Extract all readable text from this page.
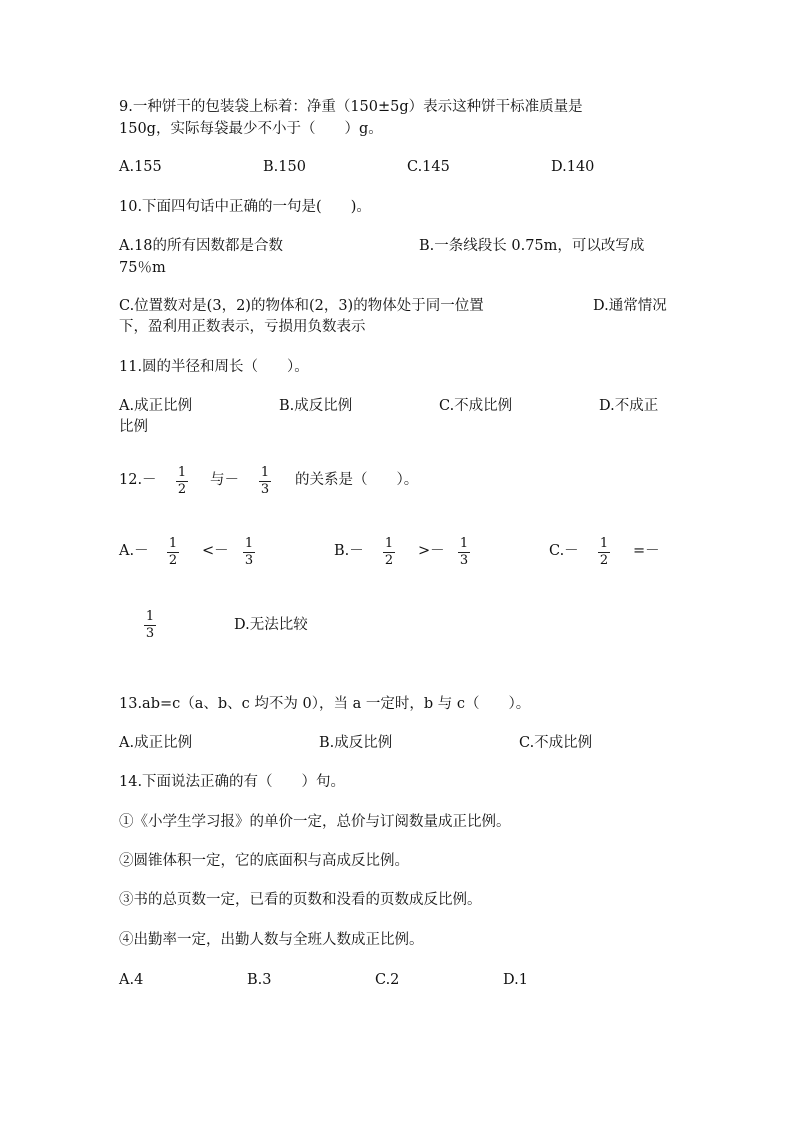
9.一种饼干的包装袋上标着：净重（150±5g）表示这种饼干标准质量是
150g，实际每袋最少不小于（　　）g。
A.155	B.150	C.145	D.140
10.下面四句话中正确的一句是(　　)。
A.18的所有因数都是合数	B.一条线段长 0.75m，可以改写成
75％m
C.位置数对是(3，2)的物体和(2，3)的物体处于同一位置	D.通常情况
下，盈利用正数表示，亏损用负数表示
11.圆的半径和周长（　　）。
A.成正比例	B.成反比例	C.不成比例	D.不成正
比例
12.－ 1
2
与－ 1
3
的关系是（　　）。
A.－ 1
2
<－ 1
3
B.－ 1
2
>－ 1
3
C.－ 1
2
=－
1
3
D.无法比较
13.ab=c（a、b、c 均不为 0），当 a 一定时，b 与 c（　　）。
A.成正比例	B.成反比例	C.不成比例
14.下面说法正确的有（　　）句。
①《小学生学习报》的单价一定，总价与订阅数量成正比例。
②圆锥体积一定，它的底面积与高成反比例。
③书的总页数一定，已看的页数和没看的页数成反比例。
④出勤率一定，出勤人数与全班人数成正比例。
A.4	B.3	C.2	D.1
